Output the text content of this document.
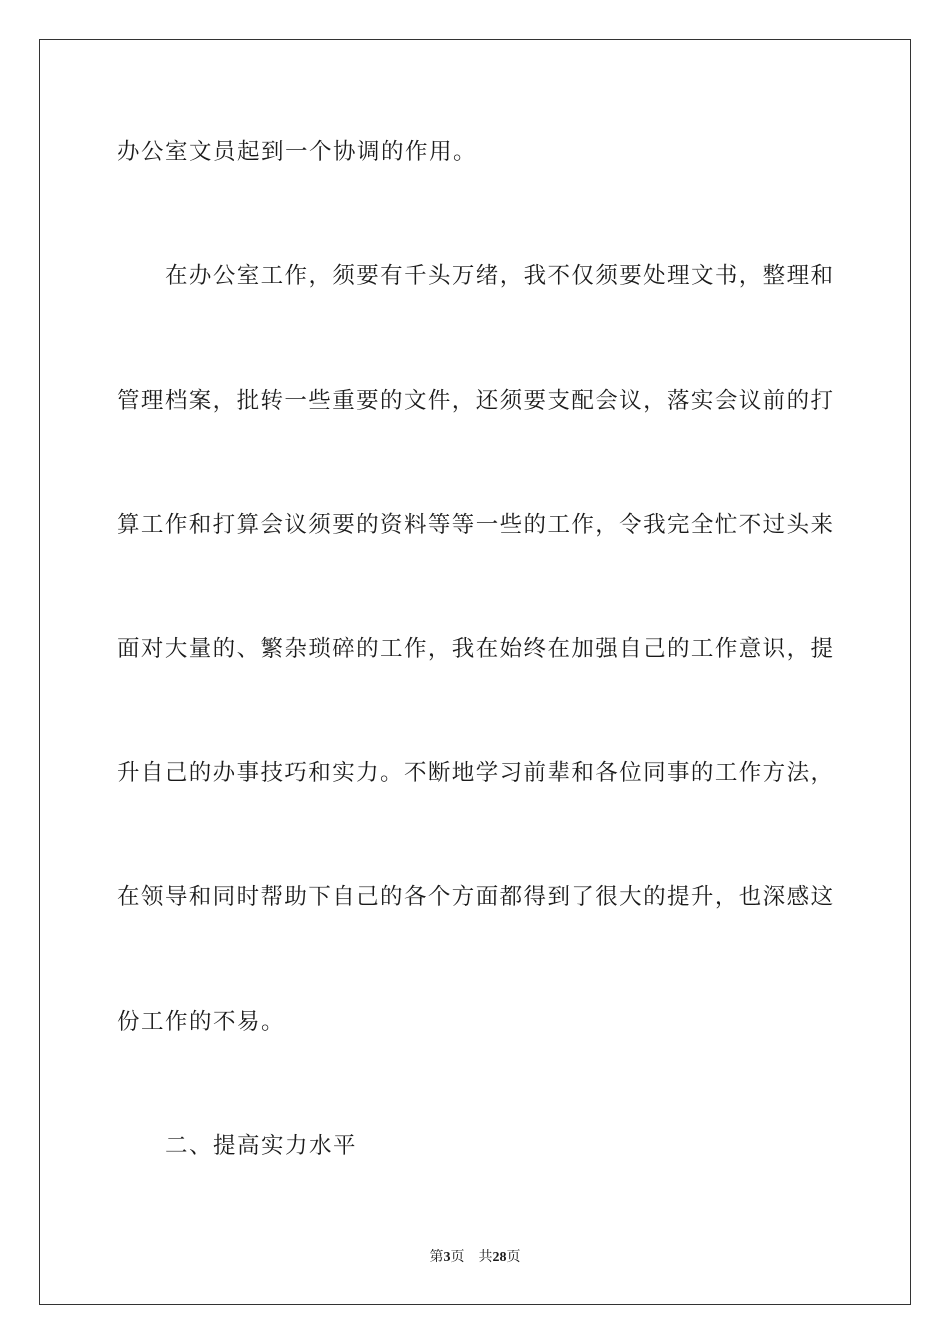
办公室文员起到一个协调的作用。
在办公室工作，须要有千头万绪，我不仅须要处理文书，整理和
管理档案，批转一些重要的文件，还须要支配会议，落实会议前的打
算工作和打算会议须要的资料等等一些的工作，令我完全忙不过头来
面对大量的、繁杂琐碎的工作，我在始终在加强自己的工作意识，提
升自己的办事技巧和实力。不断地学习前辈和各位同事的工作方法，
在领导和同时帮助下自己的各个方面都得到了很大的提升，也深感这
份工作的不易。
二、提高实力水平
第3页 共28页
